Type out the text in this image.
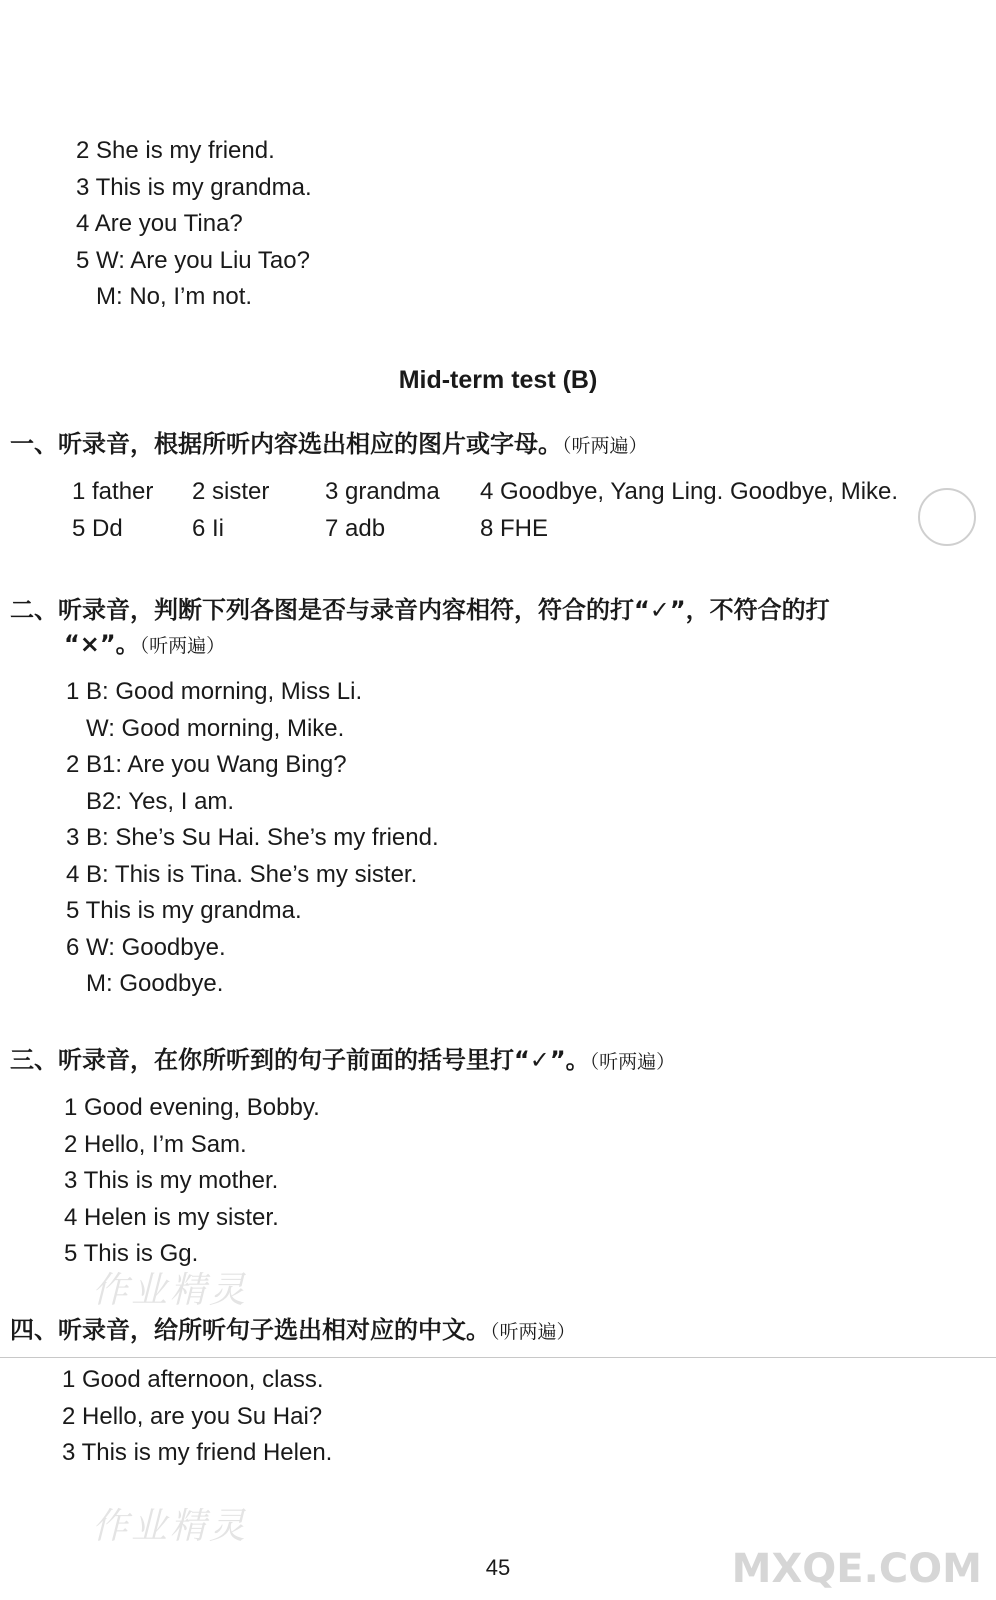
2 She is my friend.
3 This is my grandma.
4 Are you Tina?
5 W: Are you Liu Tao?
M: No, I’m not.
Mid-term test (B)
一、听录音，根据所听内容选出相应的图片或字母。（听两遍）
1 father 2 sister 3 grandma 4 Goodbye, Yang Ling. Goodbye, Mike.
5 Dd	6 Ii	7 adb	8 FHE
二、听录音，判断下列各图是否与录音内容相符，符合的打“✓”，不符合的打
“×”。（听两遍）
1 B: Good morning, Miss Li.
W: Good morning, Mike.
2 B1: Are you Wang Bing?
B2: Yes, I am.
3 B: She’s Su Hai. She’s my friend.
4 B: This is Tina. She’s my sister.
5 This is my grandma.
6 W: Goodbye.
M: Goodbye.
三、听录音，在你所听到的句子前面的括号里打“✓”。（听两遍）
1 Good evening, Bobby.
2 Hello, I’m Sam.
3 This is my mother.
4 Helen is my sister.
5 This is Gg.
作业精灵
四、听录音，给所听句子选出相对应的中文。（听两遍）
1 Good afternoon, class.
2 Hello, are you Su Hai?
3 This is my friend Helen.
作业精灵
MXQE.COM
45
